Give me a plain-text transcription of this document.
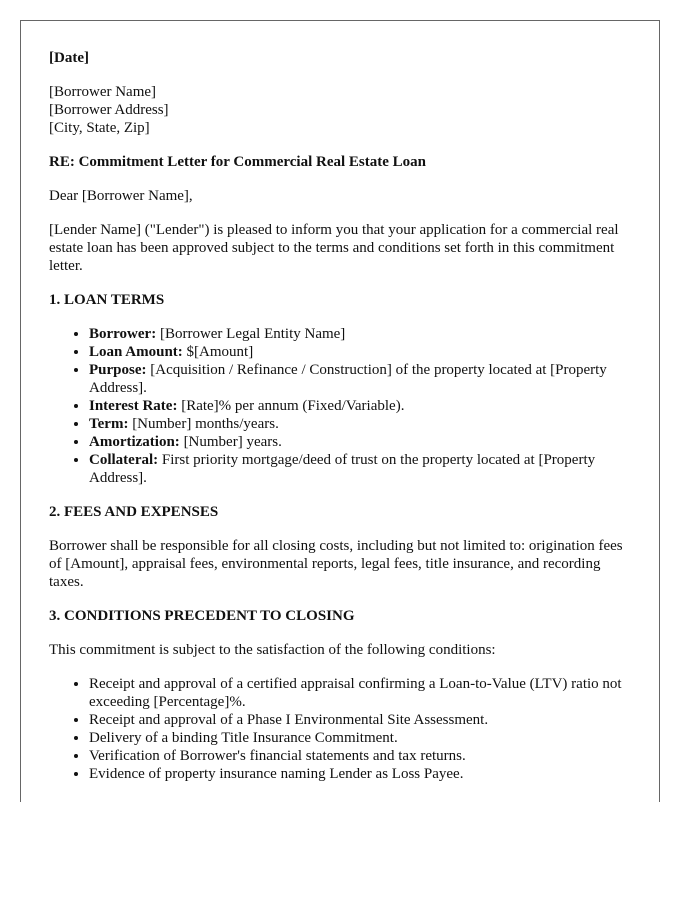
[Date]
[Borrower Name]
[Borrower Address]
[City, State, Zip]
RE: Commitment Letter for Commercial Real Estate Loan
Dear [Borrower Name],
[Lender Name] ("Lender") is pleased to inform you that your application for a commercial real estate loan has been approved subject to the terms and conditions set forth in this commitment letter.
1. LOAN TERMS
• Borrower: [Borrower Legal Entity Name]
• Loan Amount: $[Amount]
• Purpose: [Acquisition / Refinance / Construction] of the property located at [Property Address].
• Interest Rate: [Rate]% per annum (Fixed/Variable).
• Term: [Number] months/years.
• Amortization: [Number] years.
• Collateral: First priority mortgage/deed of trust on the property located at [Property Address].
2. FEES AND EXPENSES
Borrower shall be responsible for all closing costs, including but not limited to: origination fees of [Amount], appraisal fees, environmental reports, legal fees, title insurance, and recording taxes.
3. CONDITIONS PRECEDENT TO CLOSING
This commitment is subject to the satisfaction of the following conditions:
• Receipt and approval of a certified appraisal confirming a Loan-to-Value (LTV) ratio not exceeding [Percentage]%.
• Receipt and approval of a Phase I Environmental Site Assessment.
• Delivery of a binding Title Insurance Commitment.
• Verification of Borrower's financial statements and tax returns.
• Evidence of property insurance naming Lender as Loss Payee.
